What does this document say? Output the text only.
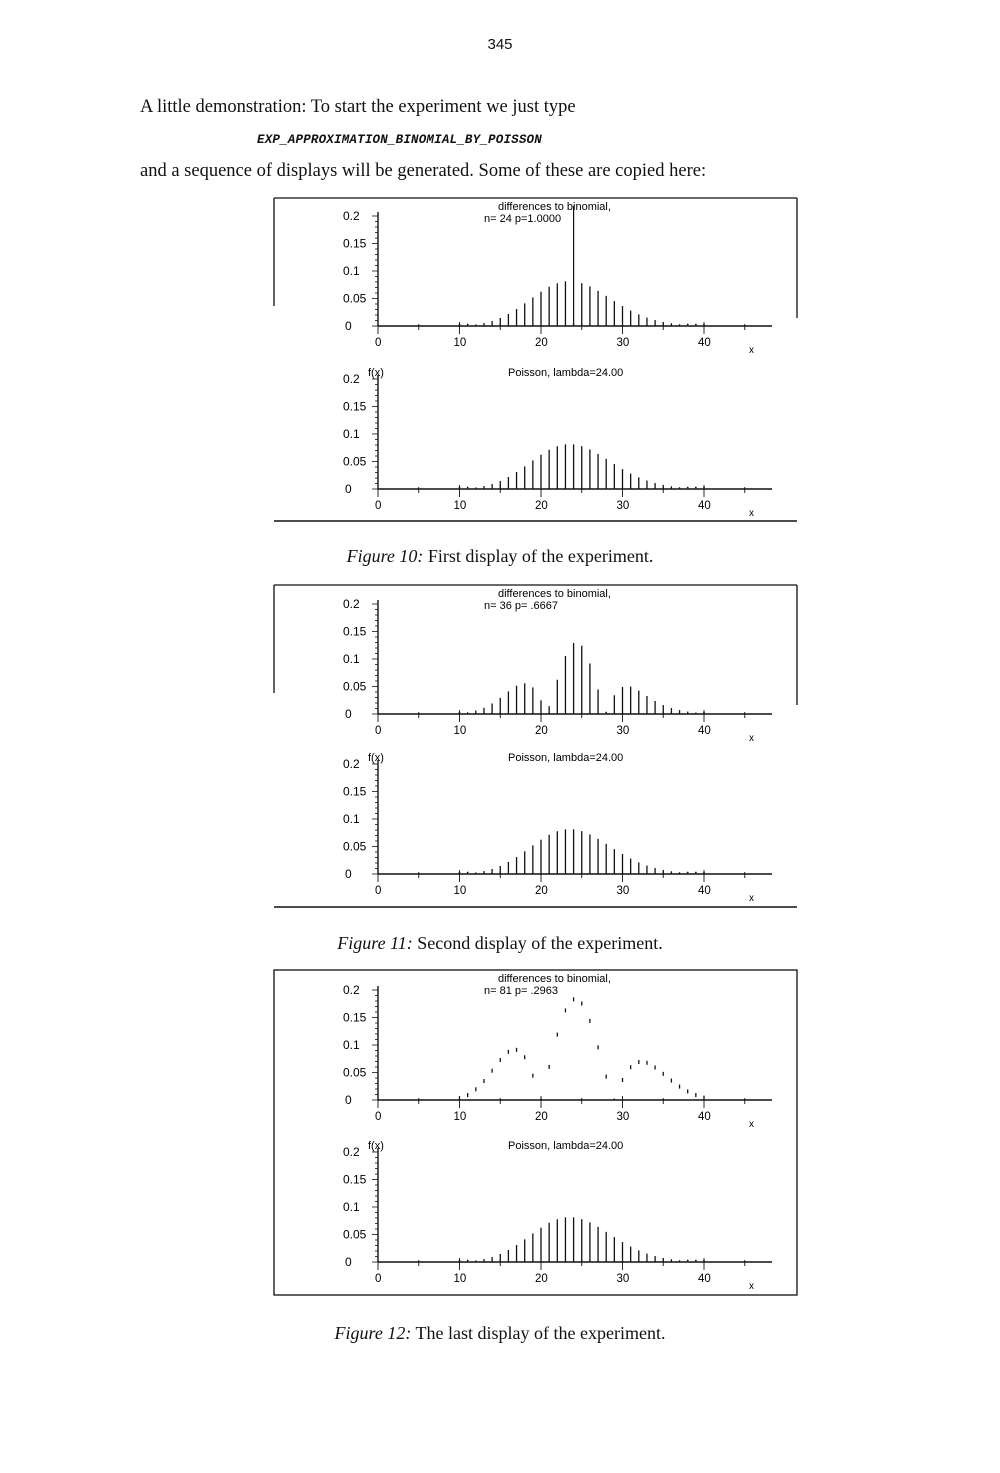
345
A little demonstration: To start the experiment we just type
EXP_APPROXIMATION_BINOMIAL_BY_POISSON
and a sequence of displays will be generated. Some of these are copied here:
differences to binomial,
n= 24 p=1.0000
0.2
0.15
0.1
0.05
0
0	10	20	30	40
x
f(x)	Poisson, lambda=24.00
0.2
0.15
0.1
0.05
0
0	10	20	30	40
x
differences to binomial,
n= 36 p= .6667
0.2
0.15
0.1
0.05
0
0	10	20	30	40
x
f(x)	Poisson, lambda=24.00
0.2
0.15
0.1
0.05
0
0	10	20	30	40
x
differences to binomial,
n= 81 p= .2963
0.2
0.15
0.1
0.05
0
0	10	20	30	40
x
f(x)	Poisson, lambda=24.00
0.2
0.15
0.1
0.05
0
0	10	20	30	40
x
Figure 10: First display of the experiment.
Figure 11: Second display of the experiment.
Figure 12: The last display of the experiment.
